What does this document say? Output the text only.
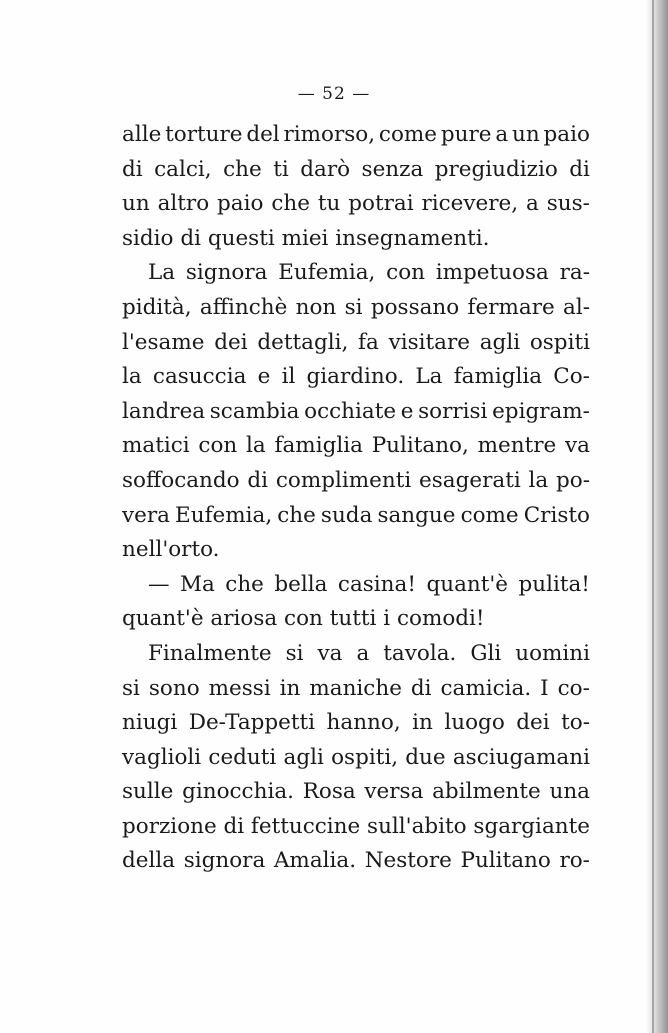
— 52 —
alle torture del rimorso, come pure a un paio
di calci, che ti darò senza pregiudizio di
un altro paio che tu potrai ricevere, a sus-
sidio
di
questi
miei
insegnamenti.

La signora Eufemia, con impetuosa ra-
pidità, affinchè non si possano fermare al-
l'esame dei dettagli, fa visitare agli ospiti
la casuccia e il giardino. La famiglia Co-
landrea scambia occhiate e sorrisi epigram-
matici con la famiglia Pulitano, mentre va
soffocando di complimenti esagerati la po-
vera Eufemia, che suda sangue come Cristo
nell'orto.

— Ma che bella casina! quant'è pulita!
quant'è
ariosa
con
tutti
i
comodi!

Finalmente si va a tavola. Gli uomini
si sono messi in maniche di camicia. I co-
niugi De-Tappetti hanno, in luogo dei to-
vaglioli ceduti agli ospiti, due asciugamani
sulle ginocchia. Rosa versa abilmente una
porzione di fettuccine sull'abito sgargiante
della signora Amalia. Nestore Pulitano ro-
